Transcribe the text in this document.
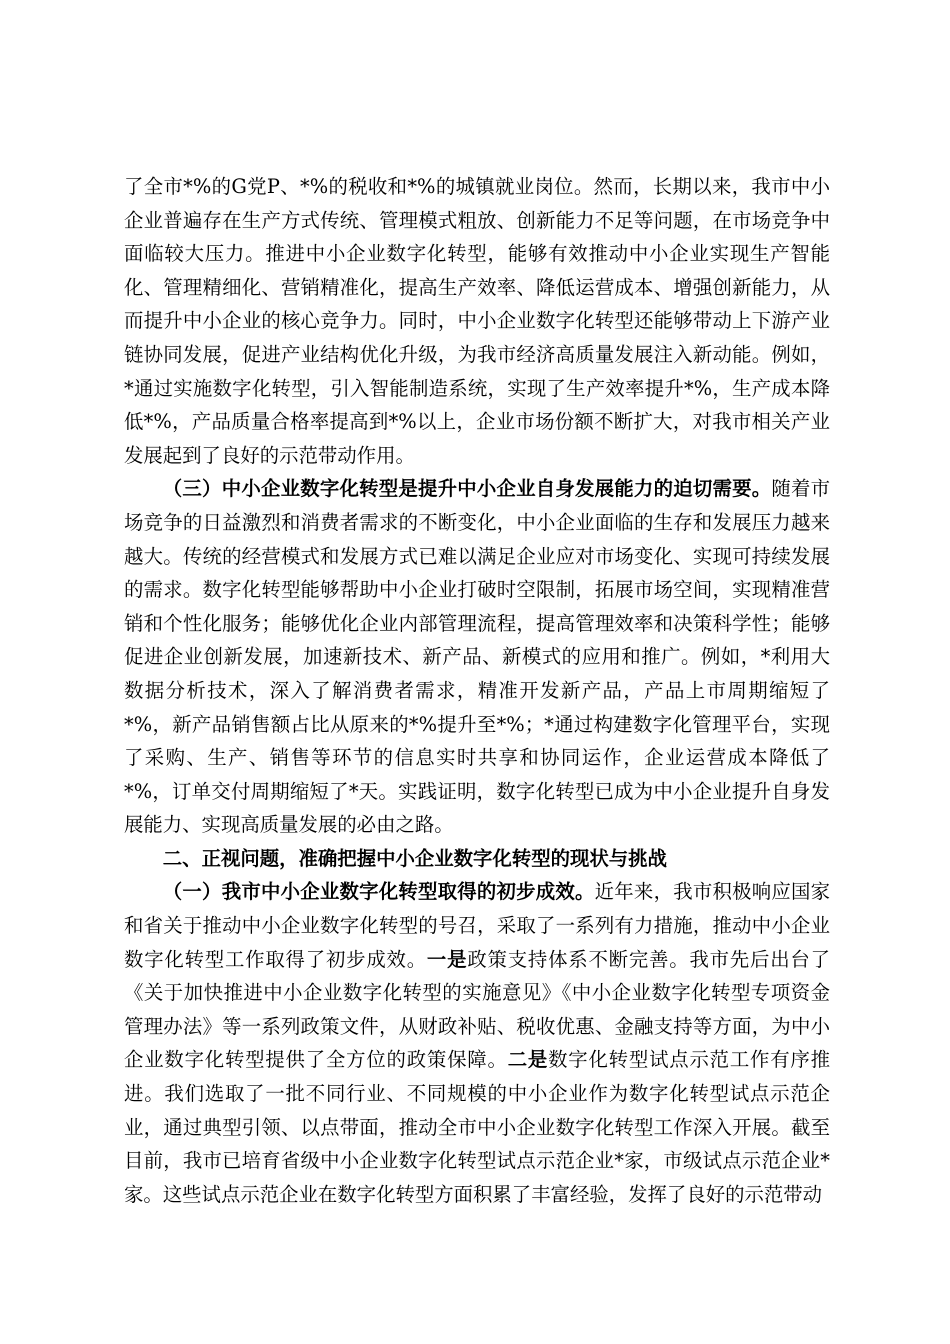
了全市*%的G党P、*%的税收和*%的城镇就业岗位。然而，长期以来，我市中小企业普遍存在生产方式传统、管理模式粗放、创新能力不足等问题，在市场竞争中面临较大压力。推进中小企业数字化转型，能够有效推动中小企业实现生产智能化、管理精细化、营销精准化，提高生产效率、降低运营成本、增强创新能力，从而提升中小企业的核心竞争力。同时，中小企业数字化转型还能够带动上下游产业链协同发展，促进产业结构优化升级，为我市经济高质量发展注入新动能。例如，*通过实施数字化转型，引入智能制造系统，实现了生产效率提升*%，生产成本降低*%，产品质量合格率提高到*%以上，企业市场份额不断扩大，对我市相关产业发展起到了良好的示范带动作用。

（三）中小企业数字化转型是提升中小企业自身发展能力的迫切需要。随着市场竞争的日益激烈和消费者需求的不断变化，中小企业面临的生存和发展压力越来越大。传统的经营模式和发展方式已难以满足企业应对市场变化、实现可持续发展的需求。数字化转型能够帮助中小企业打破时空限制，拓展市场空间，实现精准营销和个性化服务；能够优化企业内部管理流程，提高管理效率和决策科学性；能够促进企业创新发展，加速新技术、新产品、新模式的应用和推广。例如，*利用大数据分析技术，深入了解消费者需求，精准开发新产品，产品上市周期缩短了*%，新产品销售额占比从原来的*%提升至*%；*通过构建数字化管理平台，实现了采购、生产、销售等环节的信息实时共享和协同运作，企业运营成本降低了*%，订单交付周期缩短了*天。实践证明，数字化转型已成为中小企业提升自身发展能力、实现高质量发展的必由之路。

二、正视问题，准确把握中小企业数字化转型的现状与挑战

（一）我市中小企业数字化转型取得的初步成效。近年来，我市积极响应国家和省关于推动中小企业数字化转型的号召，采取了一系列有力措施，推动中小企业数字化转型工作取得了初步成效。一是政策支持体系不断完善。我市先后出台了《关于加快推进中小企业数字化转型的实施意见》《中小企业数字化转型专项资金管理办法》等一系列政策文件，从财政补贴、税收优惠、金融支持等方面，为中小企业数字化转型提供了全方位的政策保障。二是数字化转型试点示范工作有序推进。我们选取了一批不同行业、不同规模的中小企业作为数字化转型试点示范企业，通过典型引领、以点带面，推动全市中小企业数字化转型工作深入开展。截至目前，我市已培育省级中小企业数字化转型试点示范企业*家，市级试点示范企业*家。这些试点示范企业在数字化转型方面积累了丰富经验，发挥了良好的示范带动
